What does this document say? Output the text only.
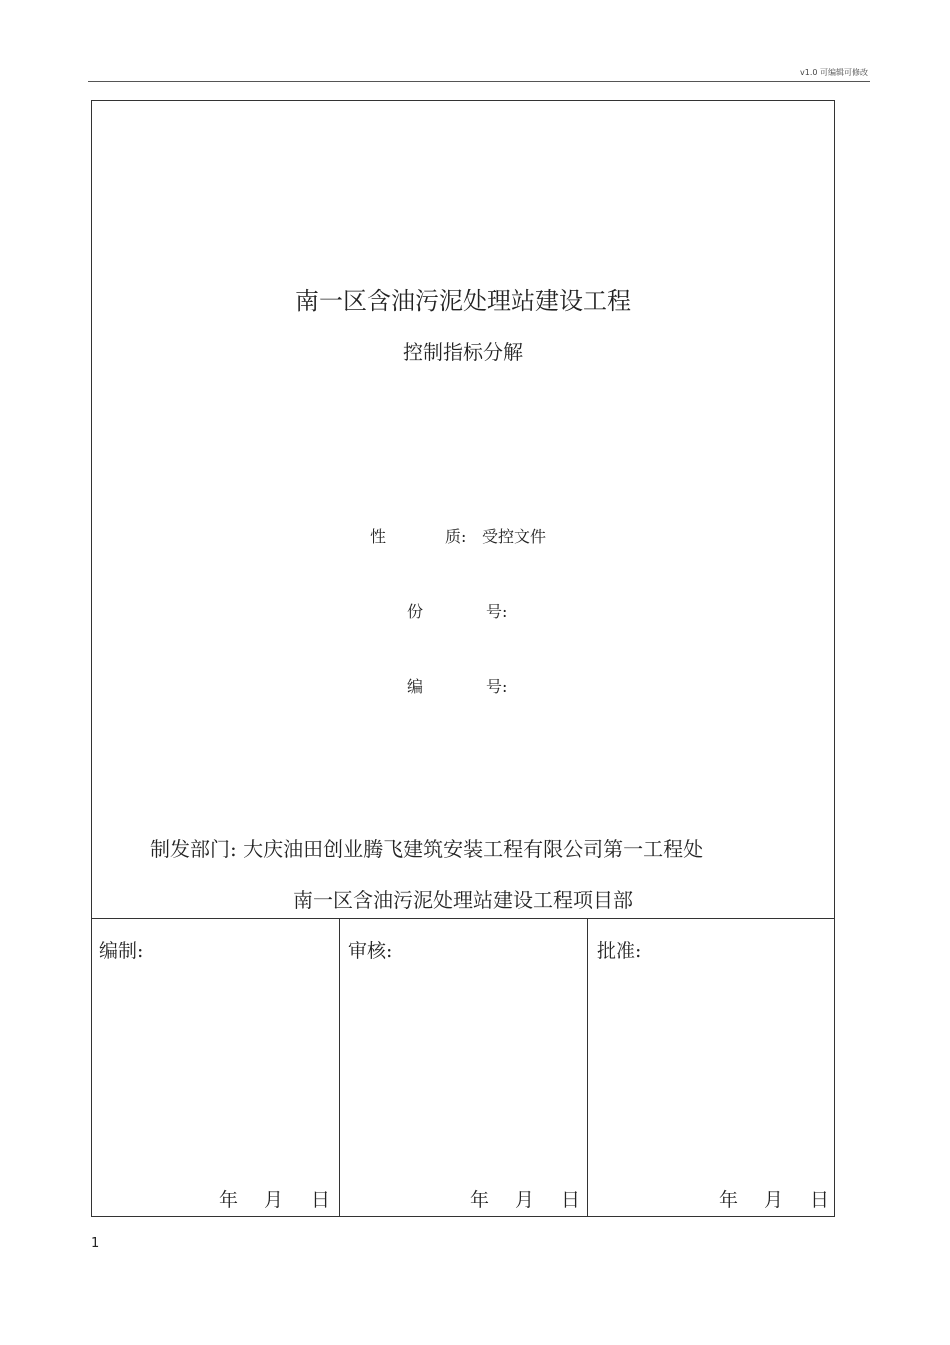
v1.0 可编辑可修改
南一区含油污泥处理站建设工程
控制指标分解
性	质: 受控文件
份	号:
编	号:
制发部门: 大庆油田创业腾飞建筑安装工程有限公司第一工程处
南一区含油污泥处理站建设工程项目部
编制:
年 月 日
审核:
年 月 日
批准:
年 月 日
1
